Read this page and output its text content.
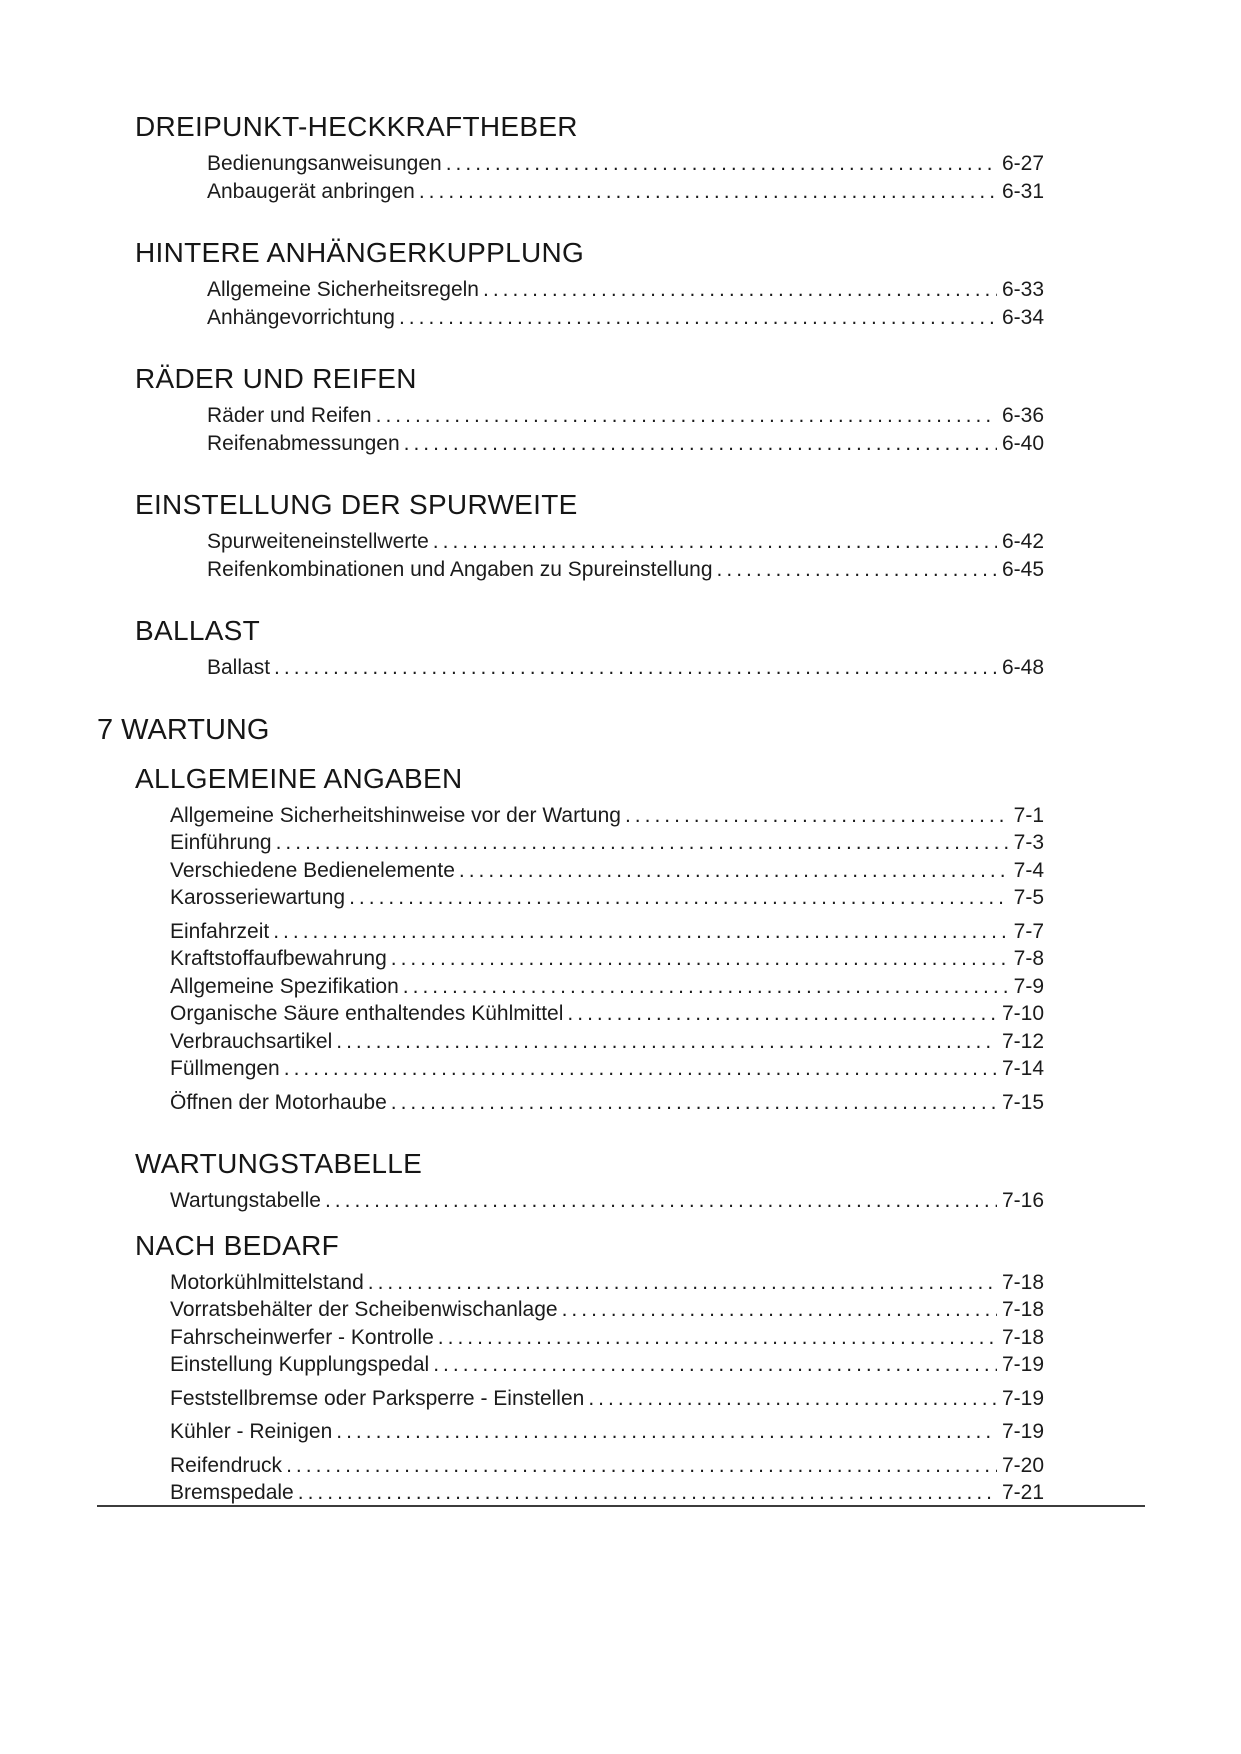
DREIPUNKT-HECKKRAFTHEBER
Bedienungsanweisungen .....	6-27
Anbaugerät anbringen .....	6-31
HINTERE ANHÄNGERKUPPLUNG
Allgemeine Sicherheitsregeln .....	6-33
Anhängevorrichtung .....	6-34
RÄDER UND REIFEN
Räder und Reifen .....	6-36
Reifenabmessungen .....	6-40
EINSTELLUNG DER SPURWEITE
Spurweiteneinstellwerte .....	6-42
Reifenkombinationen und Angaben zu Spureinstellung .....	6-45
BALLAST
Ballast .....	6-48
7 WARTUNG
ALLGEMEINE ANGABEN
Allgemeine Sicherheitshinweise vor der Wartung .....	7-1
Einführung .....	7-3
Verschiedene Bedienelemente .....	7-4
Karosseriewartung .....	7-5
Einfahrzeit .....	7-7
Kraftstoffaufbewahrung .....	7-8
Allgemeine Spezifikation .....	7-9
Organische Säure enthaltendes Kühlmittel .....	7-10
Verbrauchsartikel .....	7-12
Füllmengen .....	7-14
Öffnen der Motorhaube .....	7-15
WARTUNGSTABELLE
Wartungstabelle .....	7-16
NACH BEDARF
Motorkühlmittelstand .....	7-18
Vorratsbehälter der Scheibenwischanlage .....	7-18
Fahrscheinwerfer - Kontrolle .....	7-18
Einstellung Kupplungspedal .....	7-19
Feststellbremse oder Parksperre - Einstellen .....	7-19
Kühler - Reinigen .....	7-19
Reifendruck .....	7-20
Bremspedale .....	7-21
